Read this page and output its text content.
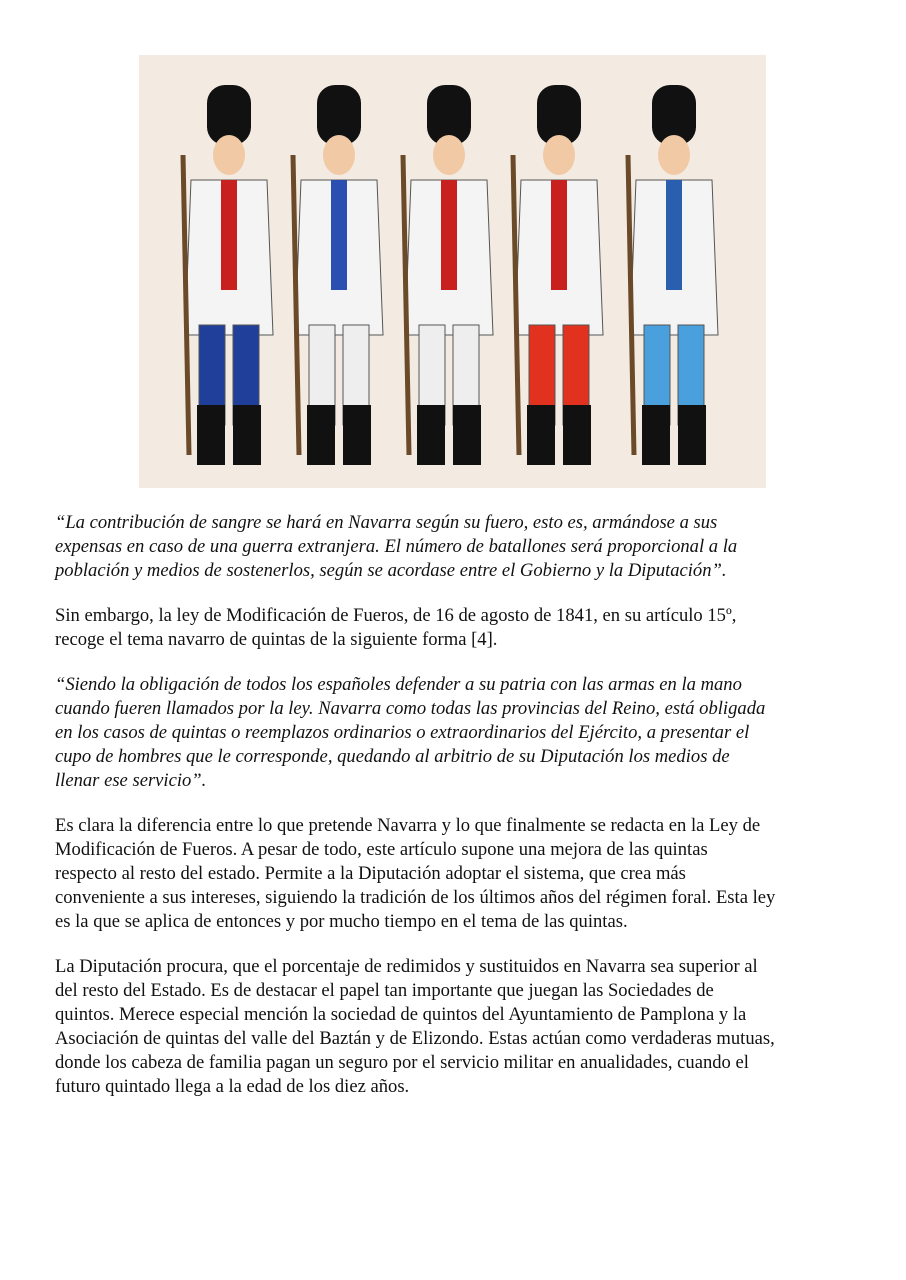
“La contribución de sangre se hará en Navarra según su fuero, esto es, armándose a sus
expensas en caso de una guerra extranjera. El número de batallones será proporcional a la
población y medios de sostenerlos, según se acordase entre el Gobierno y la Diputación”.

Sin embargo, la ley de Modificación de Fueros, de 16 de agosto de 1841, en su artículo 15º,
recoge el tema navarro de quintas de la siguiente forma [4].

“Siendo la obligación de todos los españoles defender a su patria con las armas en la mano
cuando fueren llamados por la ley. Navarra como todas las provincias del Reino, está obligada
en los casos de quintas o reemplazos ordinarios o extraordinarios del Ejército, a presentar el
cupo de hombres que le corresponde, quedando al arbitrio de su Diputación los medios de
llenar ese servicio”.

Es clara la diferencia entre lo que pretende Navarra y lo que finalmente se redacta en la Ley de
Modificación de Fueros. A pesar de todo, este artículo supone una mejora de las quintas
respecto al resto del estado. Permite a la Diputación adoptar el sistema, que crea más
conveniente a sus intereses, siguiendo la tradición de los últimos años del régimen foral. Esta ley
es la que se aplica de entonces y por mucho tiempo en el tema de las quintas.

La Diputación procura, que el porcentaje de redimidos y sustituidos en Navarra sea superior al
del resto del Estado. Es de destacar el papel tan importante que juegan las Sociedades de
quintos. Merece especial mención la sociedad de quintos del Ayuntamiento de Pamplona y la
Asociación de quintas del valle del Baztán y de Elizondo. Estas actúan como verdaderas mutuas,
donde los cabeza de familia pagan un seguro por el servicio militar en anualidades, cuando el
futuro quintado llega a la edad de los diez años.
